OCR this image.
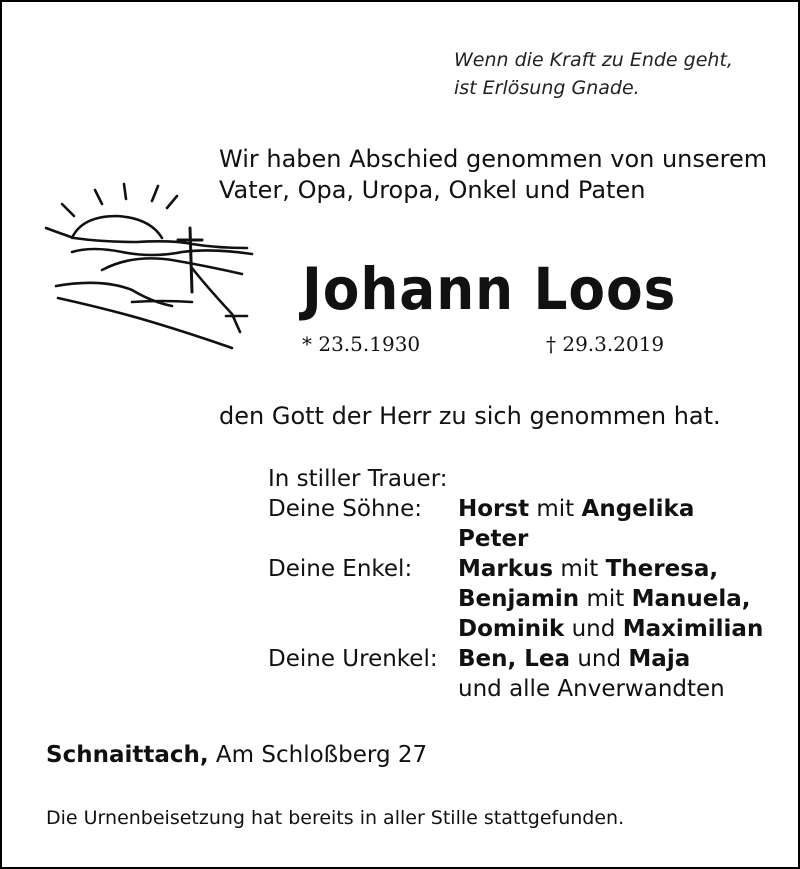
Wenn die Kraft zu Ende geht,
ist Erlösung Gnade.
Wir haben Abschied genommen von unserem
Vater, Opa, Uropa, Onkel und Paten
Johann Loos
* 23.5.1930	† 29.3.2019
den Gott der Herr zu sich genommen hat.
In stiller Trauer:
Deine Söhne: Horst mit Angelika
Peter
Deine Enkel: Markus mit Theresa,
Benjamin mit Manuela,
Dominik und Maximilian
Deine Urenkel: Ben, Lea und Maja
und alle Anverwandten
Schnaittach, Am Schloßberg 27
Die Urnenbeisetzung hat bereits in aller Stille stattgefunden.
